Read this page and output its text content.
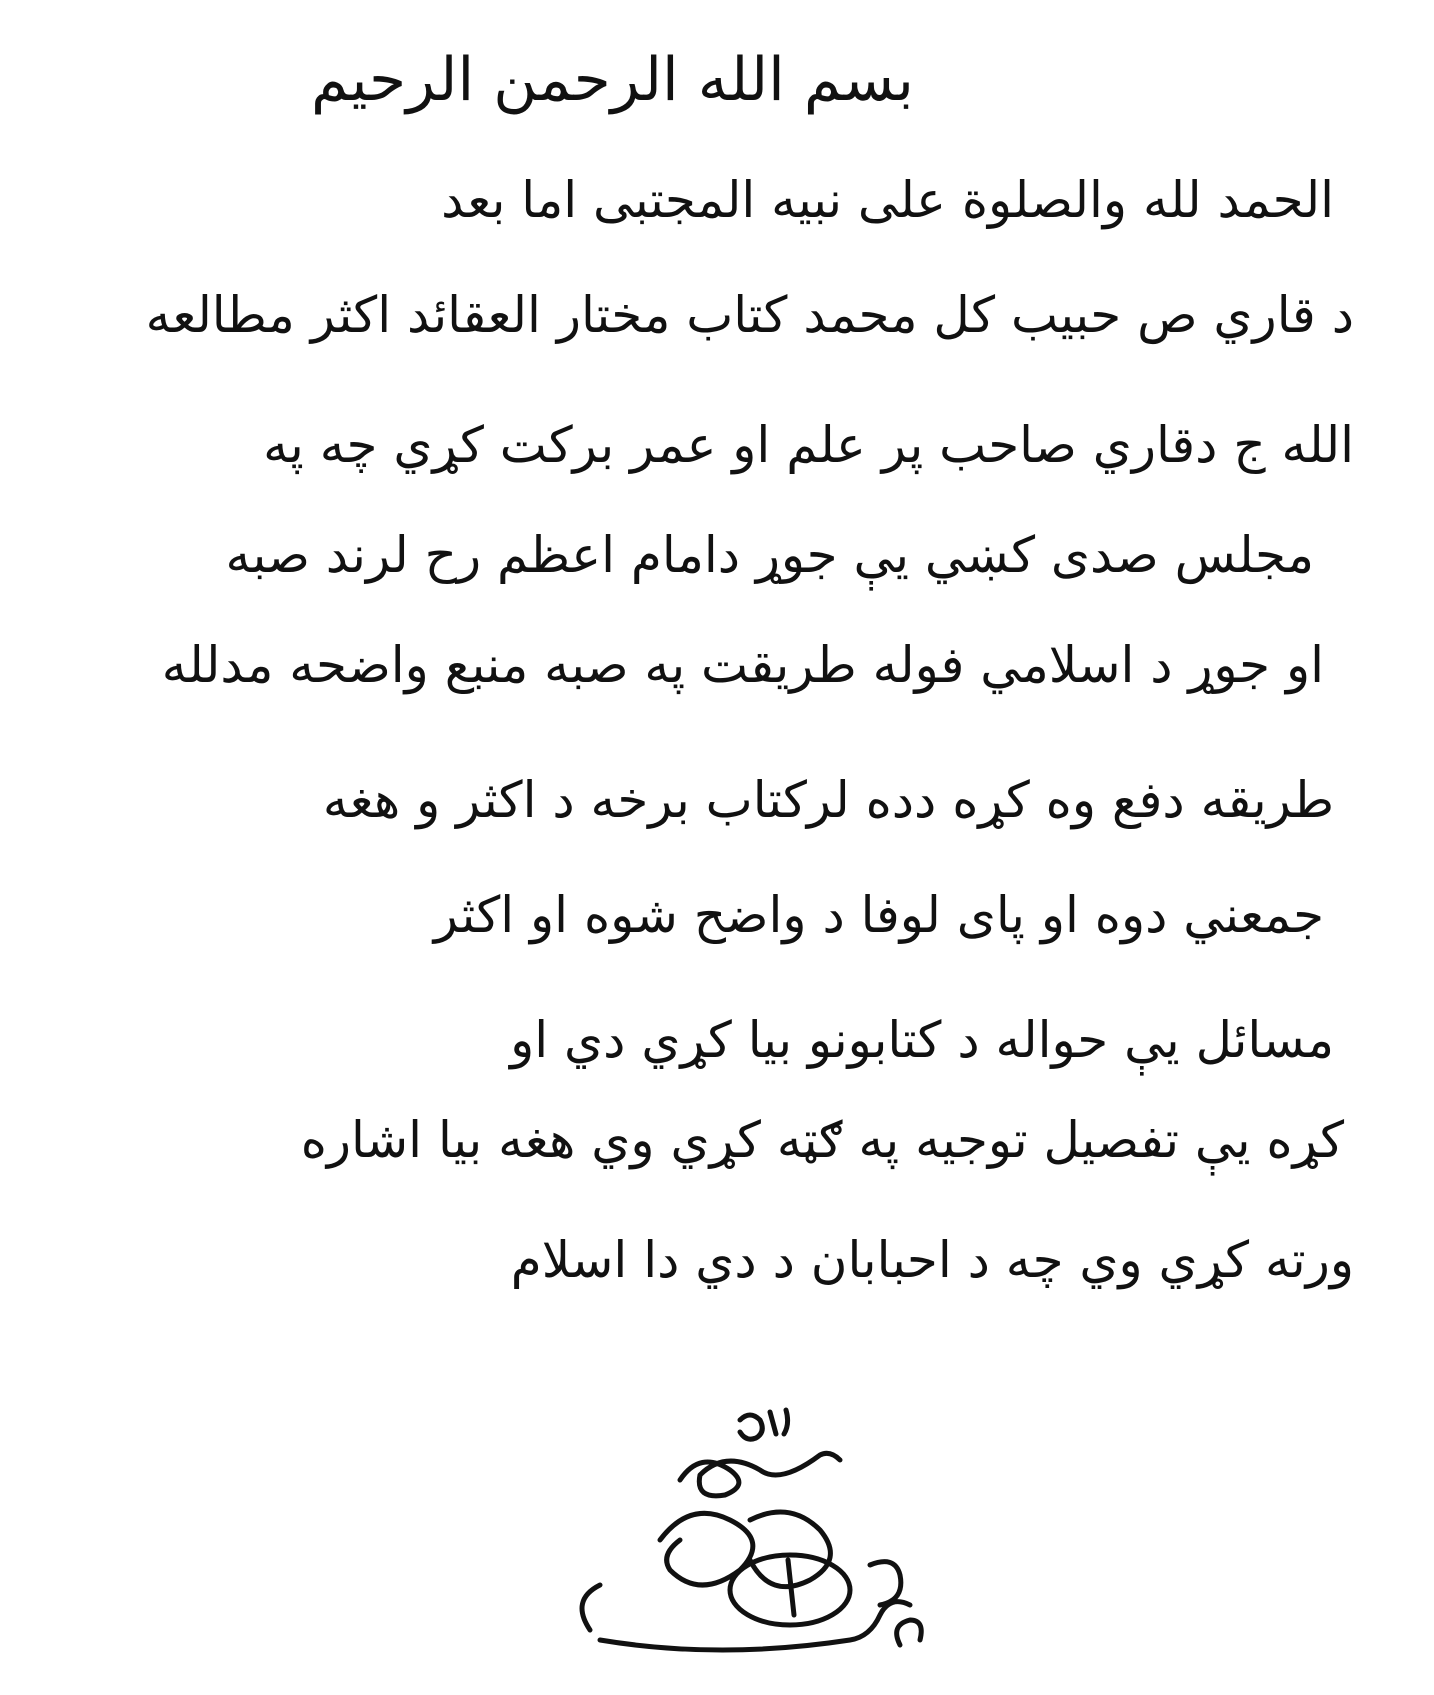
بسم الله الرحمن الرحيم
الحمد لله والصلوة على نبيه المجتبى اما بعد
د قاري ص حبیب کل محمد کتاب مختار العقائد اکثر مطالعه
الله ج دقاري صاحب پر علم او عمر برکت کړي چه په
مجلس صدی کښي یې جوړ دامام اعظم رح لرند صبه
او جوړ د اسلامي فوله طريقت په صبه منبع واضحه مدلله
طريقه دفع وه کړه دده لرکتاب برخه د اکثر و هغه
جمعني دوه او پای لوفا د واضح شوه او اکثر
مسائل یې حواله د کتابونو بیا کړي دي او
کړه یې تفصیل توجیه په ګټه کړي وي هغه بیا اشاره
ورته کړي وي چه د احبابان د دي دا اسلام
